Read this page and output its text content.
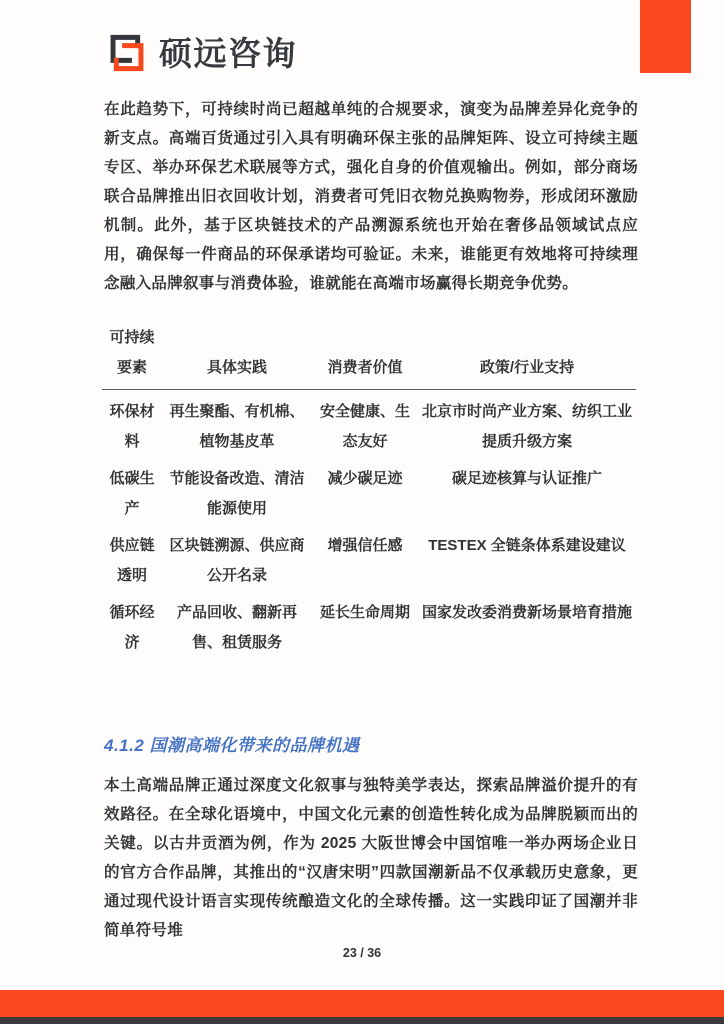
硕远咨询

在此趋势下，可持续时尚已超越单纯的合规要求，演变为品牌差异化竞争的新支点。高端百货通过引入具有明确环保主张的品牌矩阵、设立可持续主题专区、举办环保艺术联展等方式，强化自身的价值观输出。例如，部分商场联合品牌推出旧衣回收计划，消费者可凭旧衣物兑换购物券，形成闭环激励机制。此外，基于区块链技术的产品溯源系统也开始在奢侈品领域试点应用，确保每一件商品的环保承诺均可验证。未来，谁能更有效地将可持续理念融入品牌叙事与消费体验，谁就能在高端市场赢得长期竞争优势。

可持续要素	具体实践	消费者价值	政策/行业支持
环保材料	再生聚酯、有机棉、植物基皮革	安全健康、生态友好	北京市时尚产业方案、纺织工业提质升级方案
低碳生产	节能设备改造、清洁能源使用	减少碳足迹	碳足迹核算与认证推广
供应链透明	区块链溯源、供应商公开名录	增强信任感	TESTEX 全链条体系建设建议
循环经济	产品回收、翻新再售、租赁服务	延长生命周期	国家发改委消费新场景培育措施
4.1.2 国潮高端化带来的品牌机遇

本土高端品牌正通过深度文化叙事与独特美学表达，探索品牌溢价提升的有效路径。在全球化语境中，中国文化元素的创造性转化成为品牌脱颖而出的关键。以古井贡酒为例，作为 2025 大阪世博会中国馆唯一举办两场企业日的官方合作品牌，其推出的“汉唐宋明”四款国潮新品不仅承载历史意象，更通过现代设计语言实现传统酿造文化的全球传播。这一实践印证了国潮并非简单符号堆

23 / 36
